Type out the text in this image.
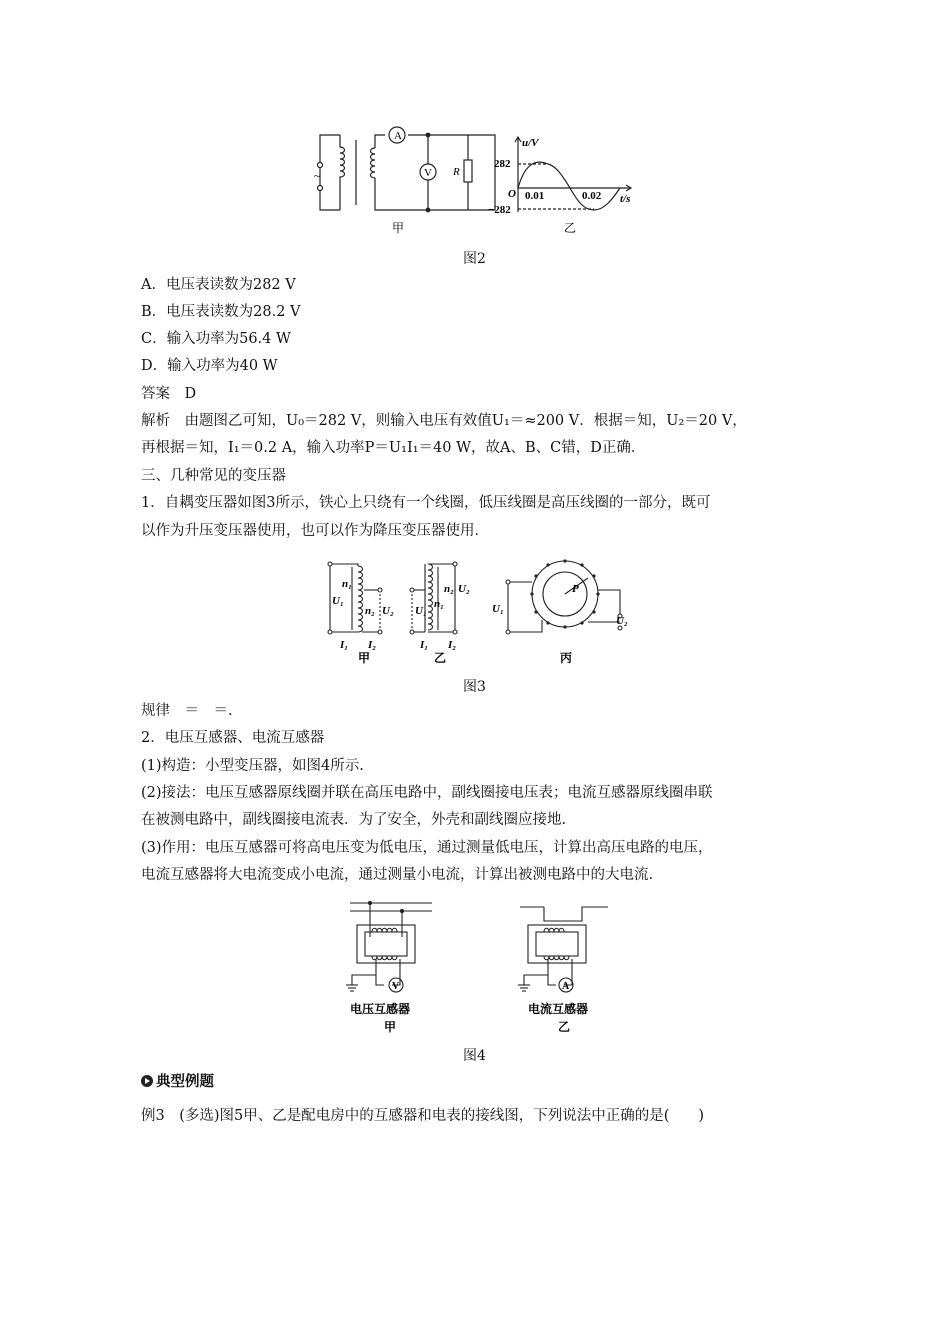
A
V R
~
甲
u/V
t/s
O
282
−282
0.01	0.02
乙
图2
A．电压表读数为282 V
B．电压表读数为28.2 V
C．输入功率为56.4 W
D．输入功率为40 W
答案　D
解析　由题图乙可知，U₀＝282 V，则输入电压有效值U₁＝≈200 V．根据＝知，U₂＝20 V，
再根据＝知，I₁＝0.2 A，输入功率P＝U₁I₁＝40 W，故A、B、C错，D正确．
三、几种常见的变压器
1．自耦变压器如图3所示，铁心上只绕有一个线圈，低压线圈是高压线圈的一部分，既可
以作为升压变压器使用，也可以作为降压变压器使用．
U₁
n₁
n₂ U₂
I₁ I₂
U₁
n₁
n₂ U₂
I₁ I₂
U₁
U₂
P
甲	乙	丙
图3
规律　＝　＝.
2．电压互感器、电流互感器
(1)构造：小型变压器，如图4所示.
(2)接法：电压互感器原线圈并联在高压电路中，副线圈接电压表；电流互感器原线圈串联
在被测电路中，副线圈接电流表．为了安全，外壳和副线圈应接地.
(3)作用：电压互感器可将高电压变为低电压，通过测量低电压，计算出高压电路的电压，
电流互感器将大电流变成小电流，通过测量小电流，计算出被测电路中的大电流.
V	A
电压互感器
甲
电流互感器
乙
图4
典型例题
例3　(多选)图5甲、乙是配电房中的互感器和电表的接线图，下列说法中正确的是(　　)
